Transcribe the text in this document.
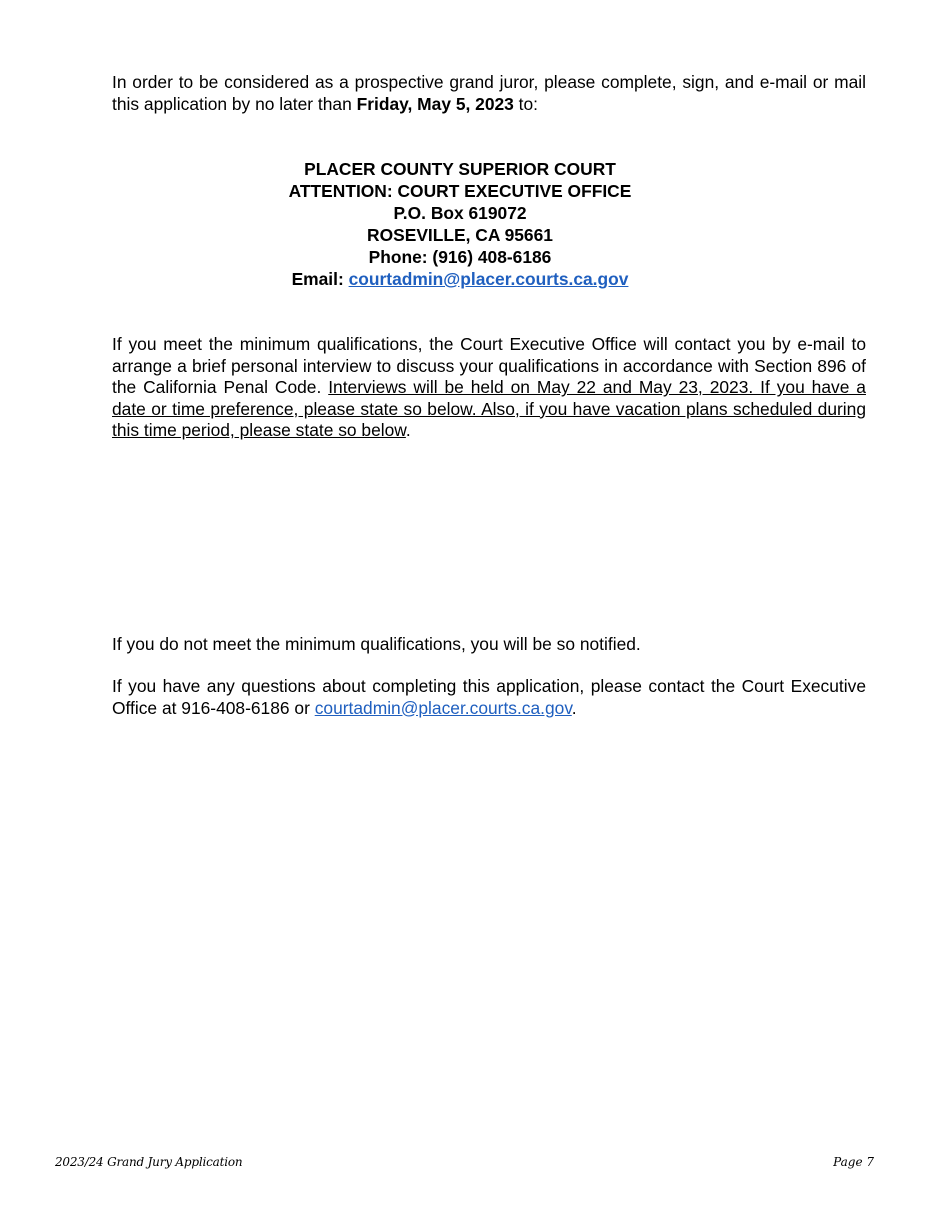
In order to be considered as a prospective grand juror, please complete, sign, and e-mail or mail this application by no later than Friday, May 5, 2023 to:

PLACER COUNTY SUPERIOR COURT
ATTENTION: COURT EXECUTIVE OFFICE
P.O. Box 619072
ROSEVILLE, CA 95661
Phone: (916) 408-6186
Email: courtadmin@placer.courts.ca.gov

If you meet the minimum qualifications, the Court Executive Office will contact you by e-mail to arrange a brief personal interview to discuss your qualifications in accordance with Section 896 of the California Penal Code. Interviews will be held on May 22 and May 23, 2023. If you have a date or time preference, please state so below. Also, if you have vacation plans scheduled during this time period, please state so below.

If you do not meet the minimum qualifications, you will be so notified.

If you have any questions about completing this application, please contact the Court Executive Office at 916-408-6186 or courtadmin@placer.courts.ca.gov.

2023/24 Grand Jury Application	Page 7
